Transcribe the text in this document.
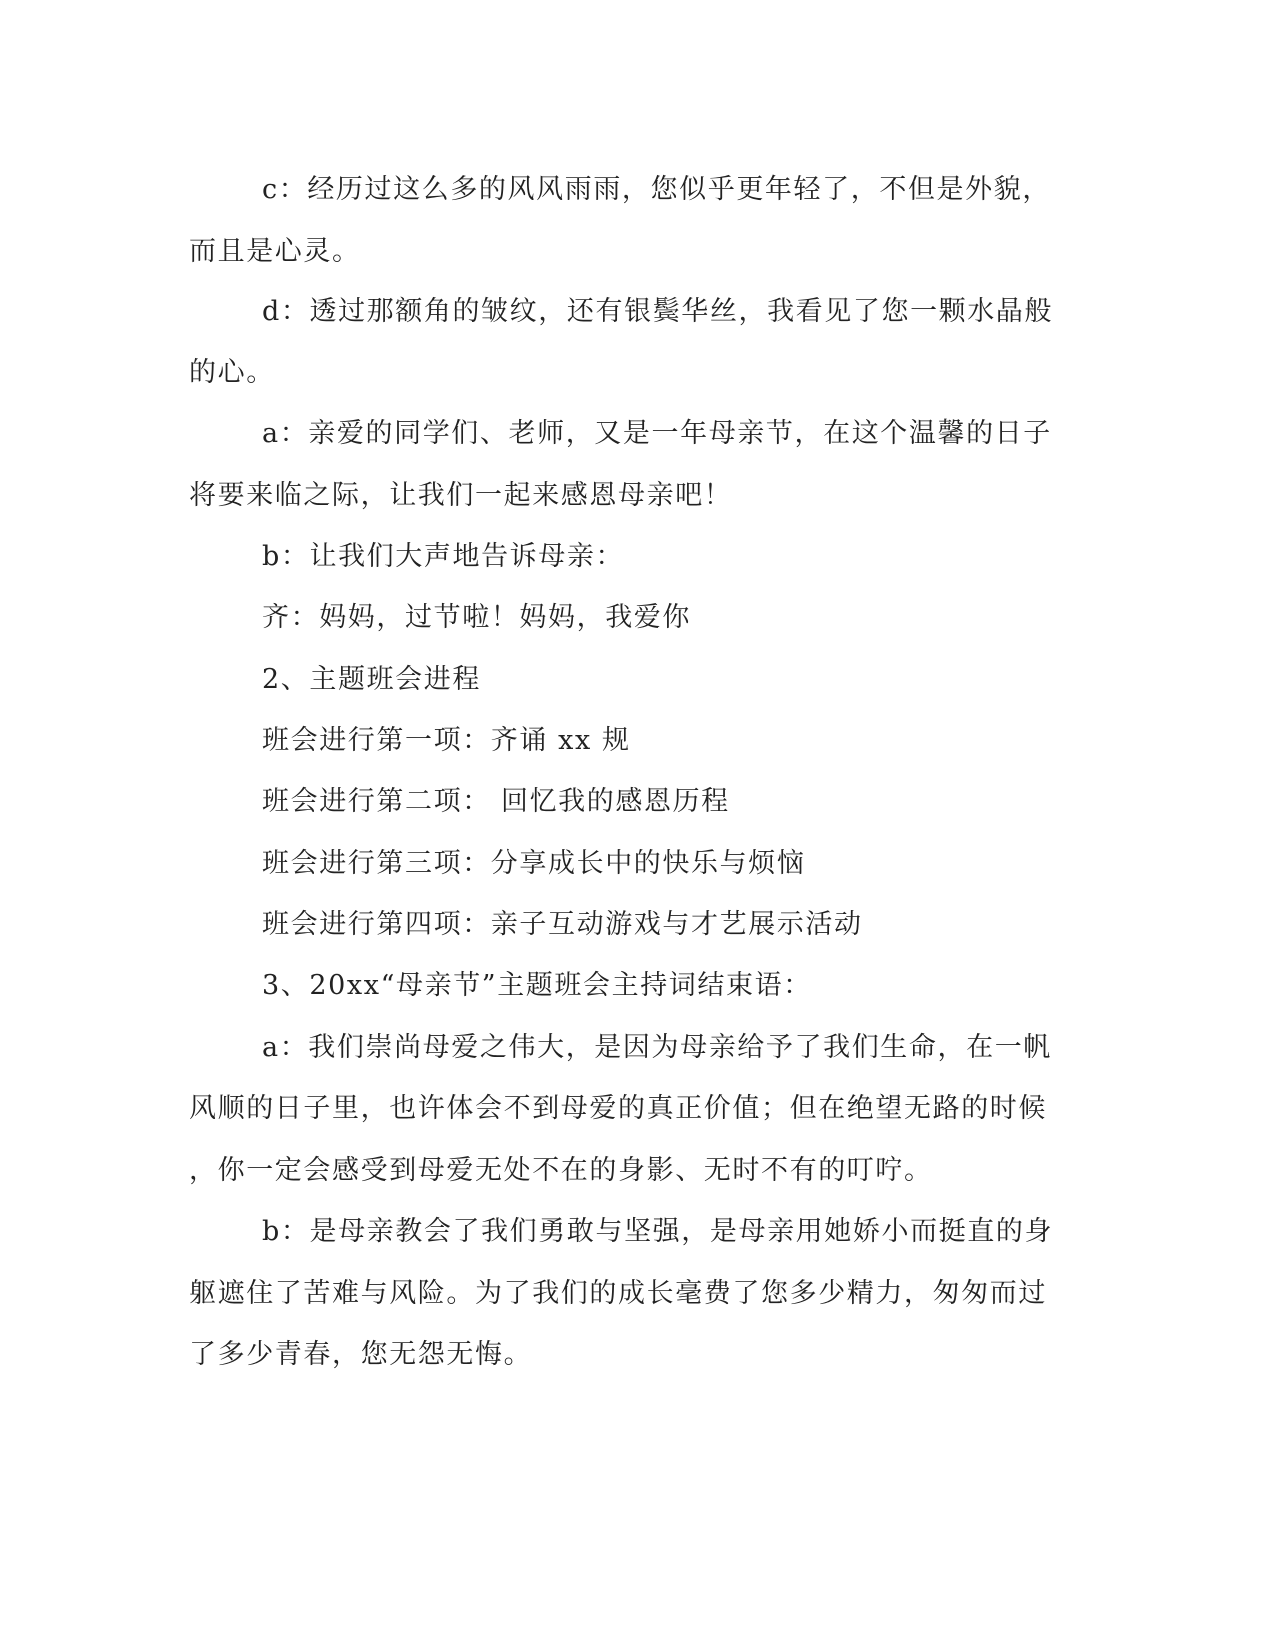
c：经历过这么多的风风雨雨，您似乎更年轻了，不但是外貌，
而且是心灵。
d：透过那额角的皱纹，还有银鬓华丝，我看见了您一颗水晶般
的心。
a：亲爱的同学们、老师，又是一年母亲节，在这个温馨的日子
将要来临之际，让我们一起来感恩母亲吧！
b：让我们大声地告诉母亲：
齐：妈妈，过节啦！妈妈，我爱你
2、主题班会进程
班会进行第一项：齐诵 xx 规
班会进行第二项： 回忆我的感恩历程
班会进行第三项：分享成长中的快乐与烦恼
班会进行第四项：亲子互动游戏与才艺展示活动
3、20xx“母亲节”主题班会主持词结束语：
a：我们崇尚母爱之伟大，是因为母亲给予了我们生命，在一帆
风顺的日子里，也许体会不到母爱的真正价值；但在绝望无路的时候
，你一定会感受到母爱无处不在的身影、无时不有的叮咛。
b：是母亲教会了我们勇敢与坚强，是母亲用她娇小而挺直的身
躯遮住了苦难与风险。为了我们的成长毫费了您多少精力，匆匆而过
了多少青春，您无怨无悔。
